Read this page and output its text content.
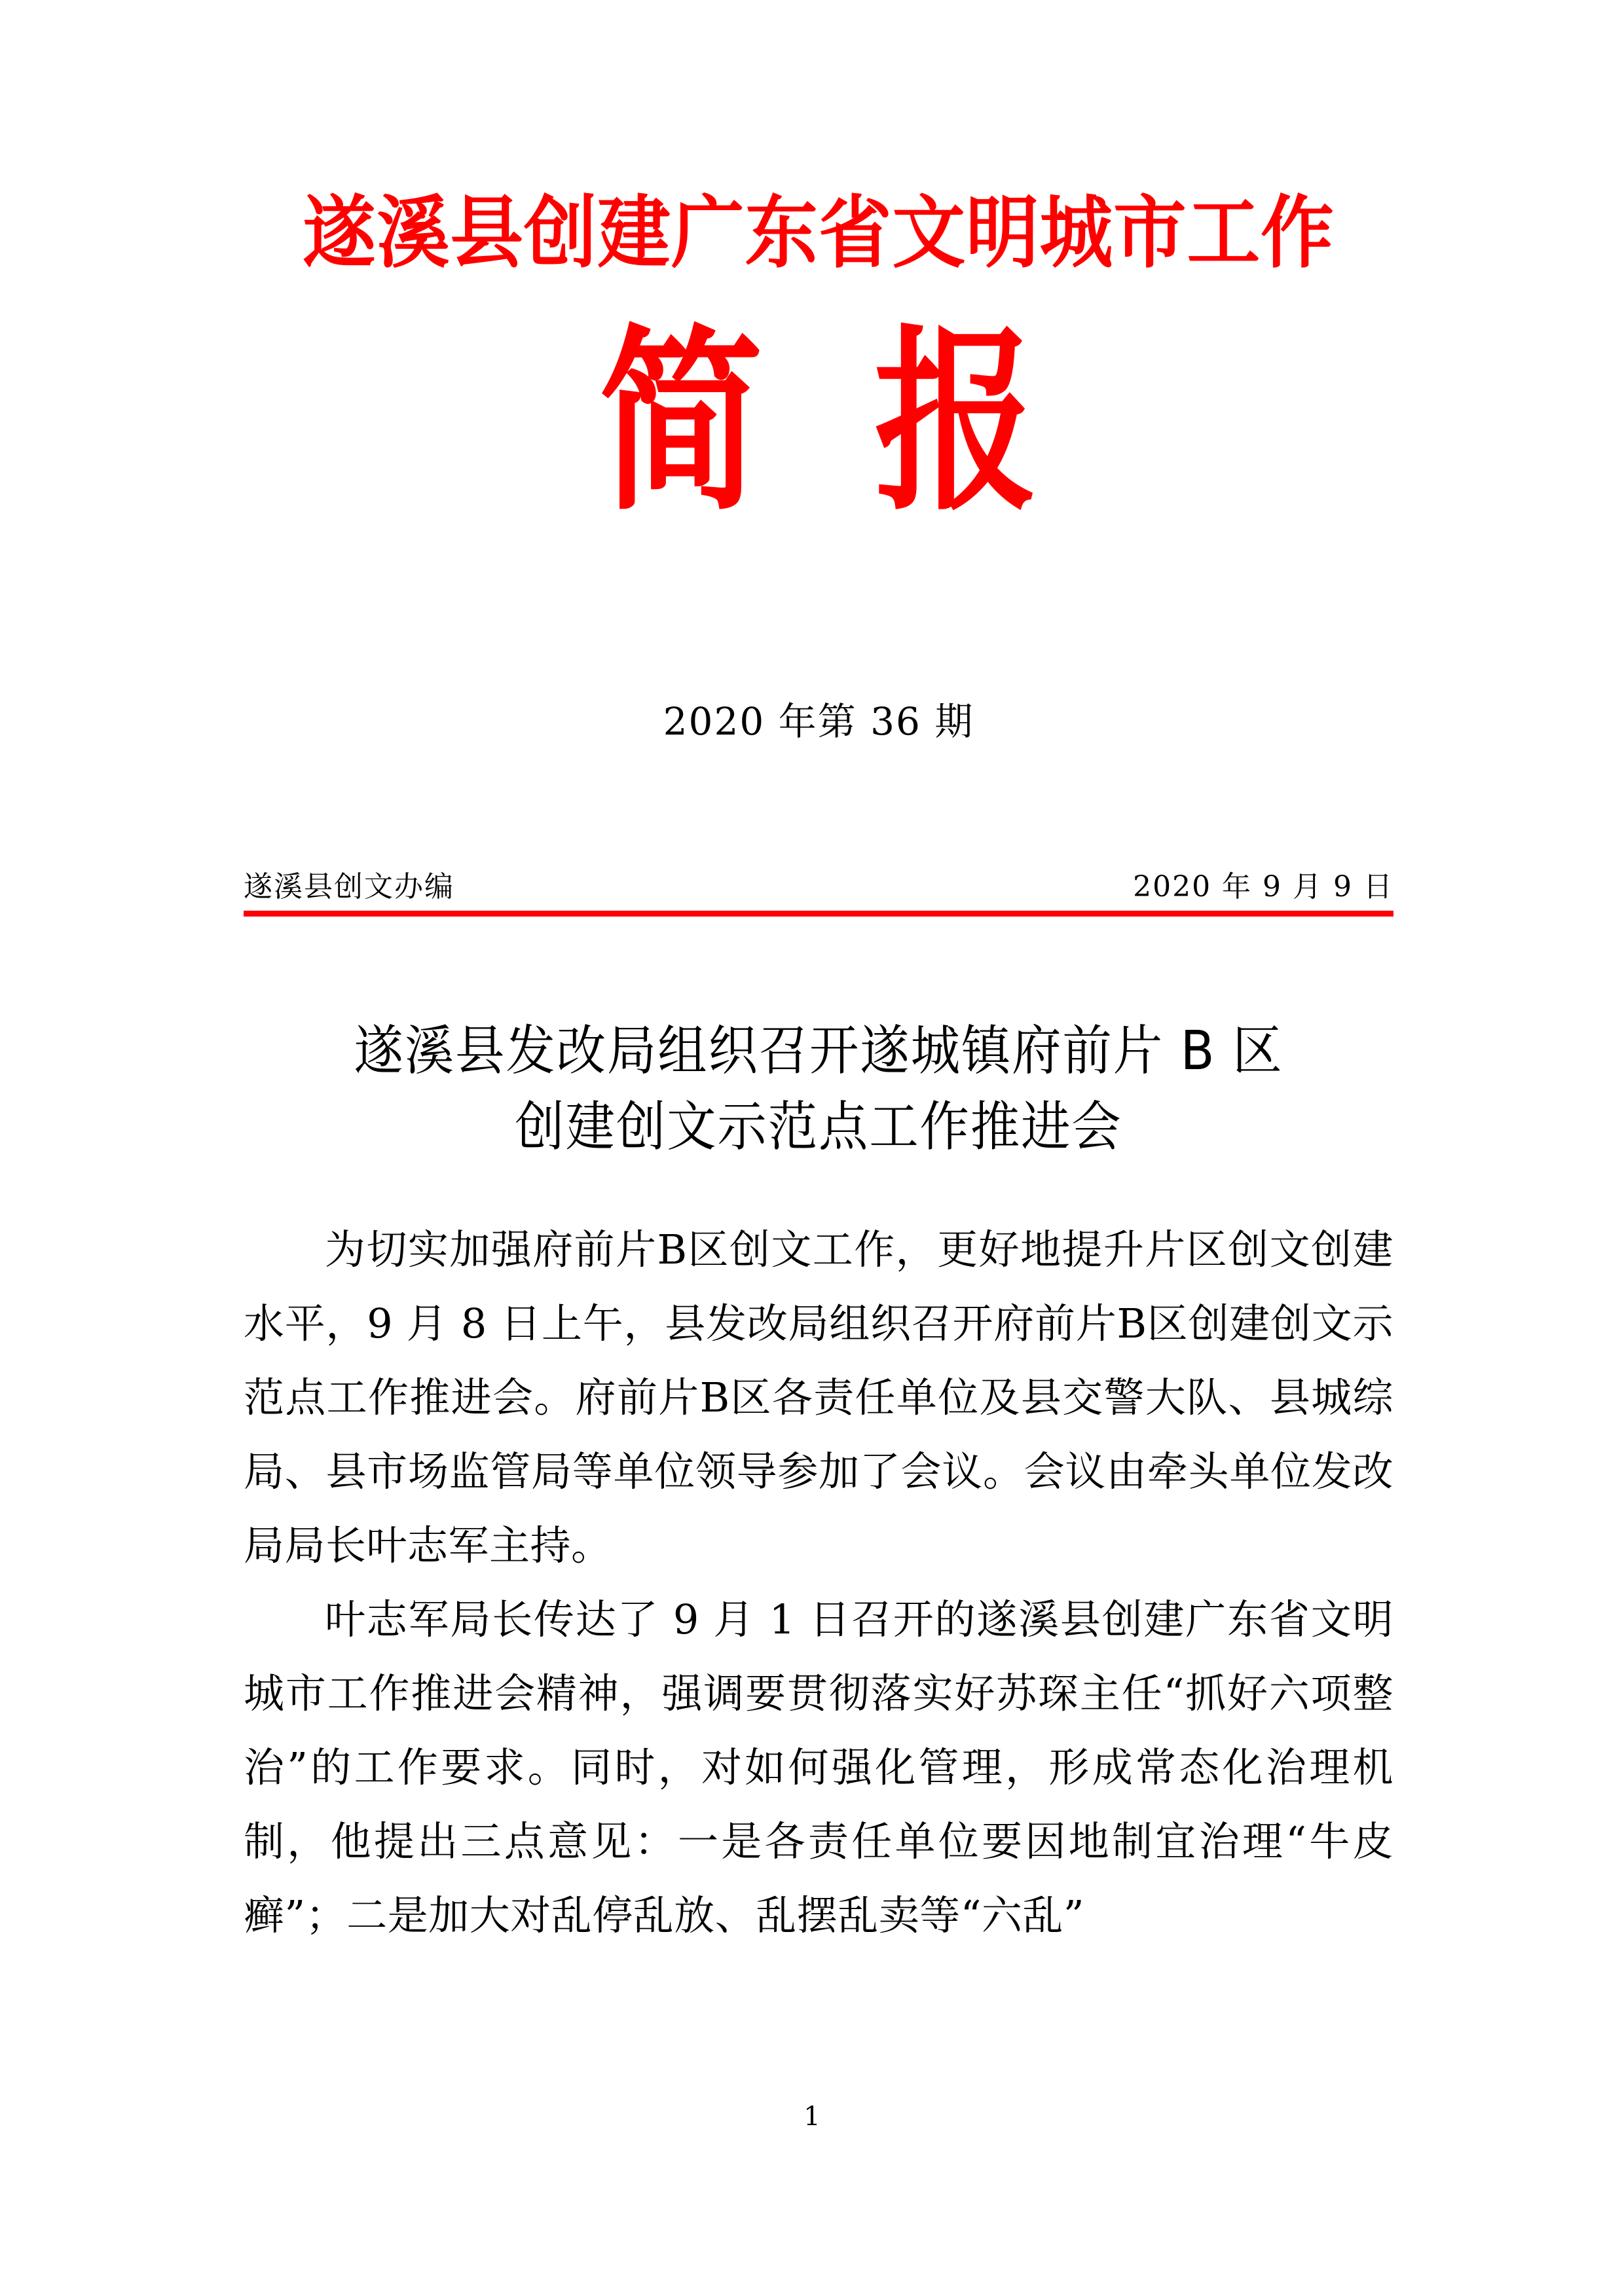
遂溪县创建广东省文明城市工作
简报
2020 年第 36 期
遂溪县创文办编	2020 年 9 月 9 日
遂溪县发改局组织召开遂城镇府前片 B 区
创建创文示范点工作推进会

为切实加强府前片B区创文工作，更好地提升片区创文创建水平，9 月 8 日上午，县发改局组织召开府前片B区创建创文示范点工作推进会。府前片B区各责任单位及县交警大队、县城综局、县市场监管局等单位领导参加了会议。会议由牵头单位发改局局长叶志军主持。

叶志军局长传达了 9 月 1 日召开的遂溪县创建广东省文明城市工作推进会精神，强调要贯彻落实好苏琛主任“抓好六项整治”的工作要求。同时，对如何强化管理，形成常态化治理机制，他提出三点意见：一是各责任单位要因地制宜治理“牛皮癣”；二是加大对乱停乱放、乱摆乱卖等“六乱”

1
